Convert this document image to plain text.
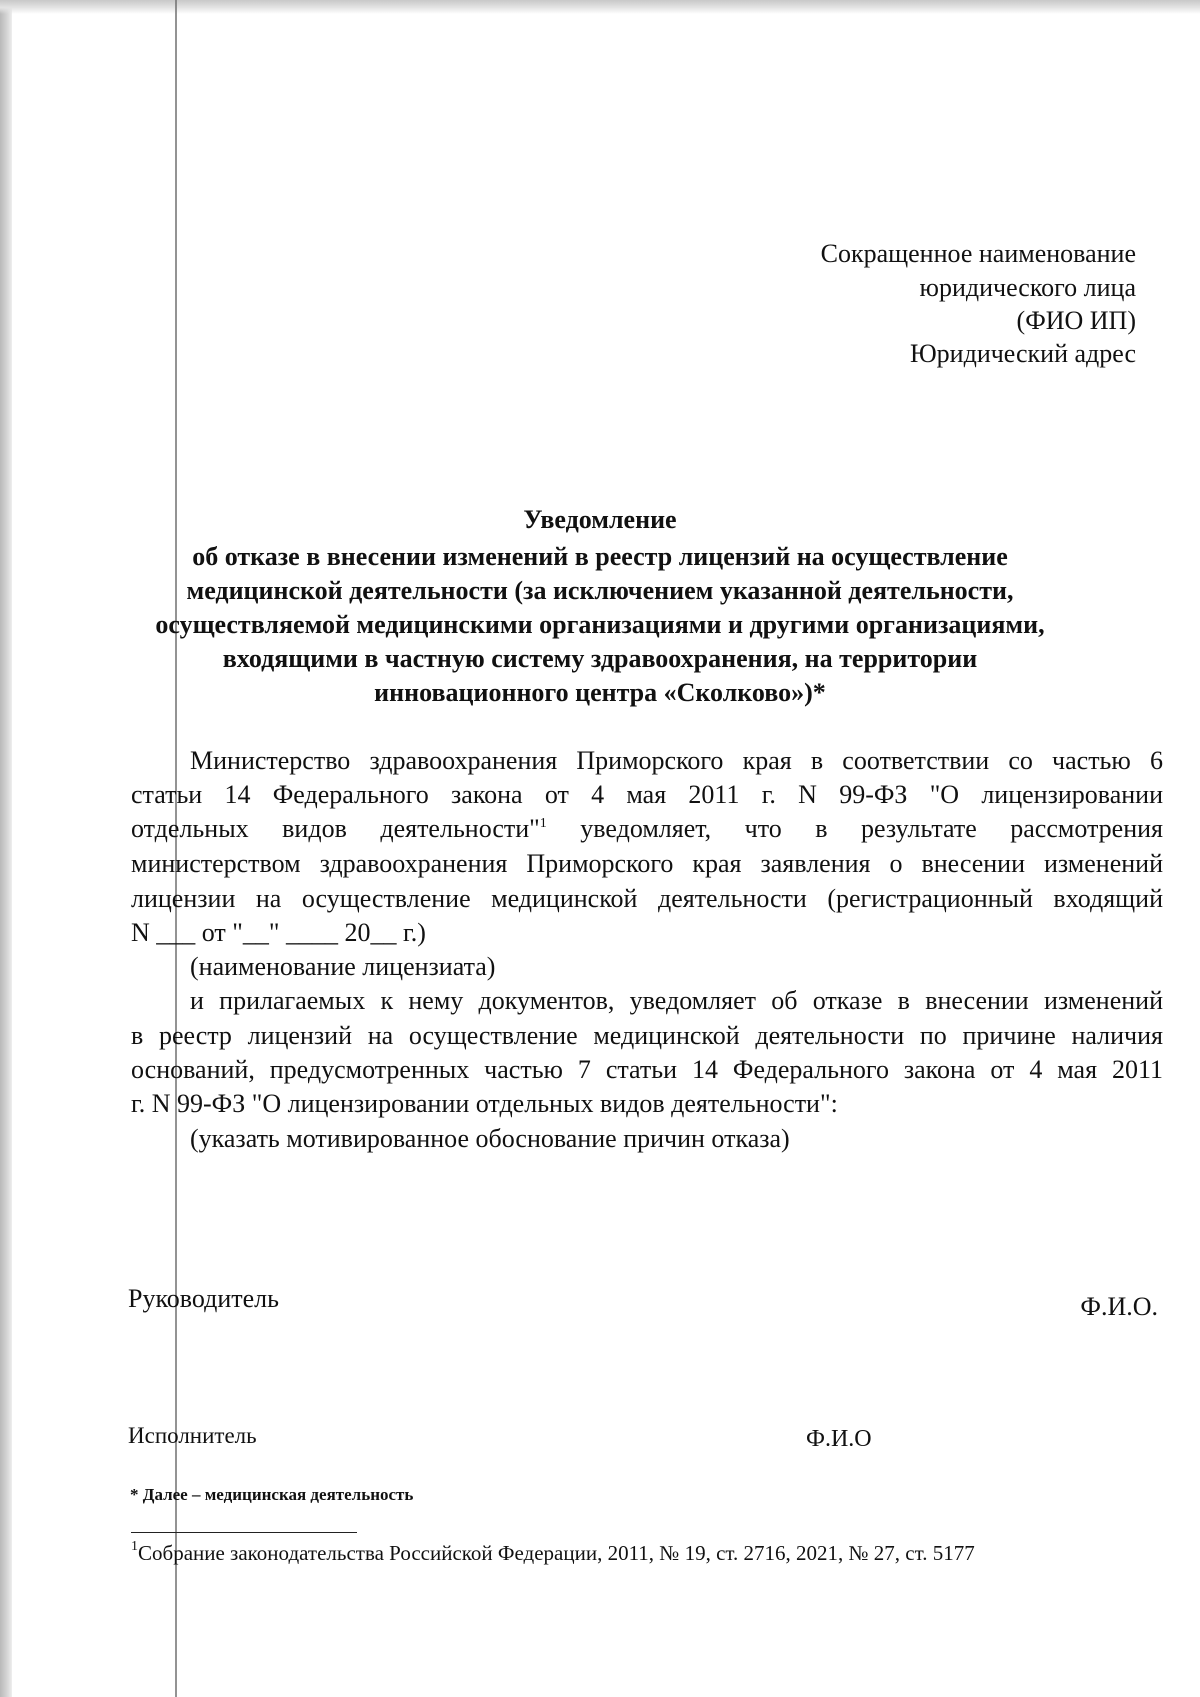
Сокращенное наименование
юридического лица
(ФИО ИП)
Юридический адрес
Уведомление
об отказе в внесении изменений в реестр лицензий на осуществление
медицинской деятельности (за исключением указанной деятельности,
осуществляемой медицинскими организациями и другими организациями,
входящими в частную систему здравоохранения, на территории
инновационного центра «Сколково»)*
Министерство здравоохранения Приморского края в соответствии со частью 6
статьи 14 Федерального закона от 4 мая 2011 г. N 99-ФЗ "О лицензировании
отдельных видов деятельности"$^1$ уведомляет, что в результате рассмотрения
министерством здравоохранения Приморского края заявления о внесении изменений
лицензии на осуществление медицинской деятельности (регистрационный входящий
N ___ от "__" ____ 20__ г.)
(наименование лицензиата)
и прилагаемых к нему документов, уведомляет об отказе в внесении изменений
в реестр лицензий на осуществление медицинской деятельности по причине наличия
оснований, предусмотренных частью 7 статьи 14 Федерального закона от 4 мая 2011
г. N 99-ФЗ "О лицензировании отдельных видов деятельности":
(указать мотивированное обоснование причин отказа)
Руководитель	Ф.И.О.
Исполнитель	Ф.И.О
* Далее – медицинская деятельность
$^1$Собрание законодательства Российской Федерации, 2011, № 19, ст. 2716, 2021, № 27, ст. 5177
